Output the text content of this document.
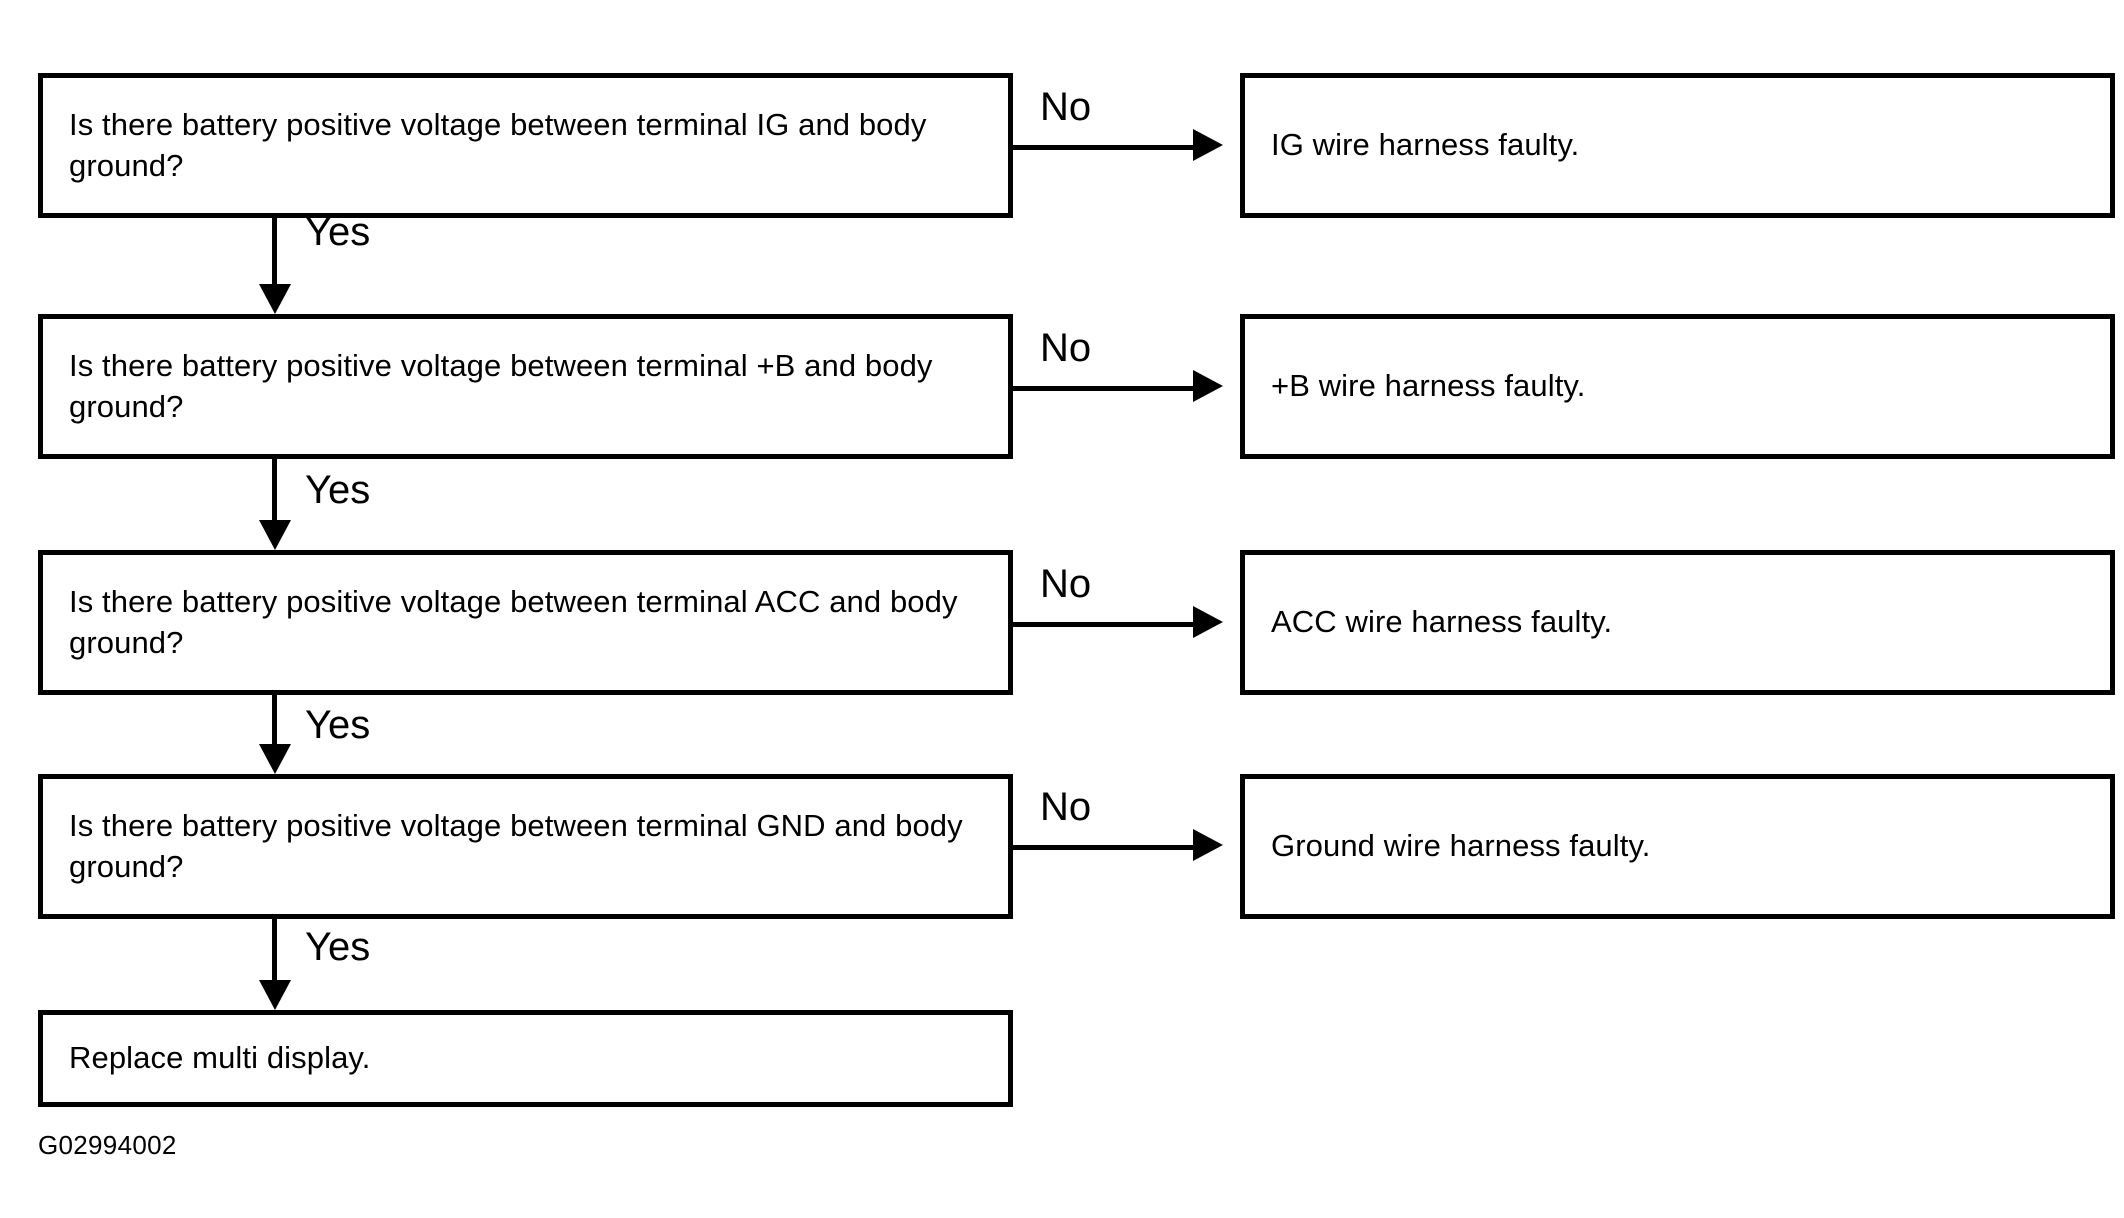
Is there battery positive voltage between terminal IG and body ground?
No
IG wire harness faulty.
Yes
Is there battery positive voltage between terminal +B and body ground?
No
+B wire harness faulty.
Yes
Is there battery positive voltage between terminal ACC and body ground?
No
ACC wire harness faulty.
Yes
Is there battery positive voltage between terminal GND and body ground?
No
Ground wire harness faulty.
Yes
Replace multi display.
G02994002
